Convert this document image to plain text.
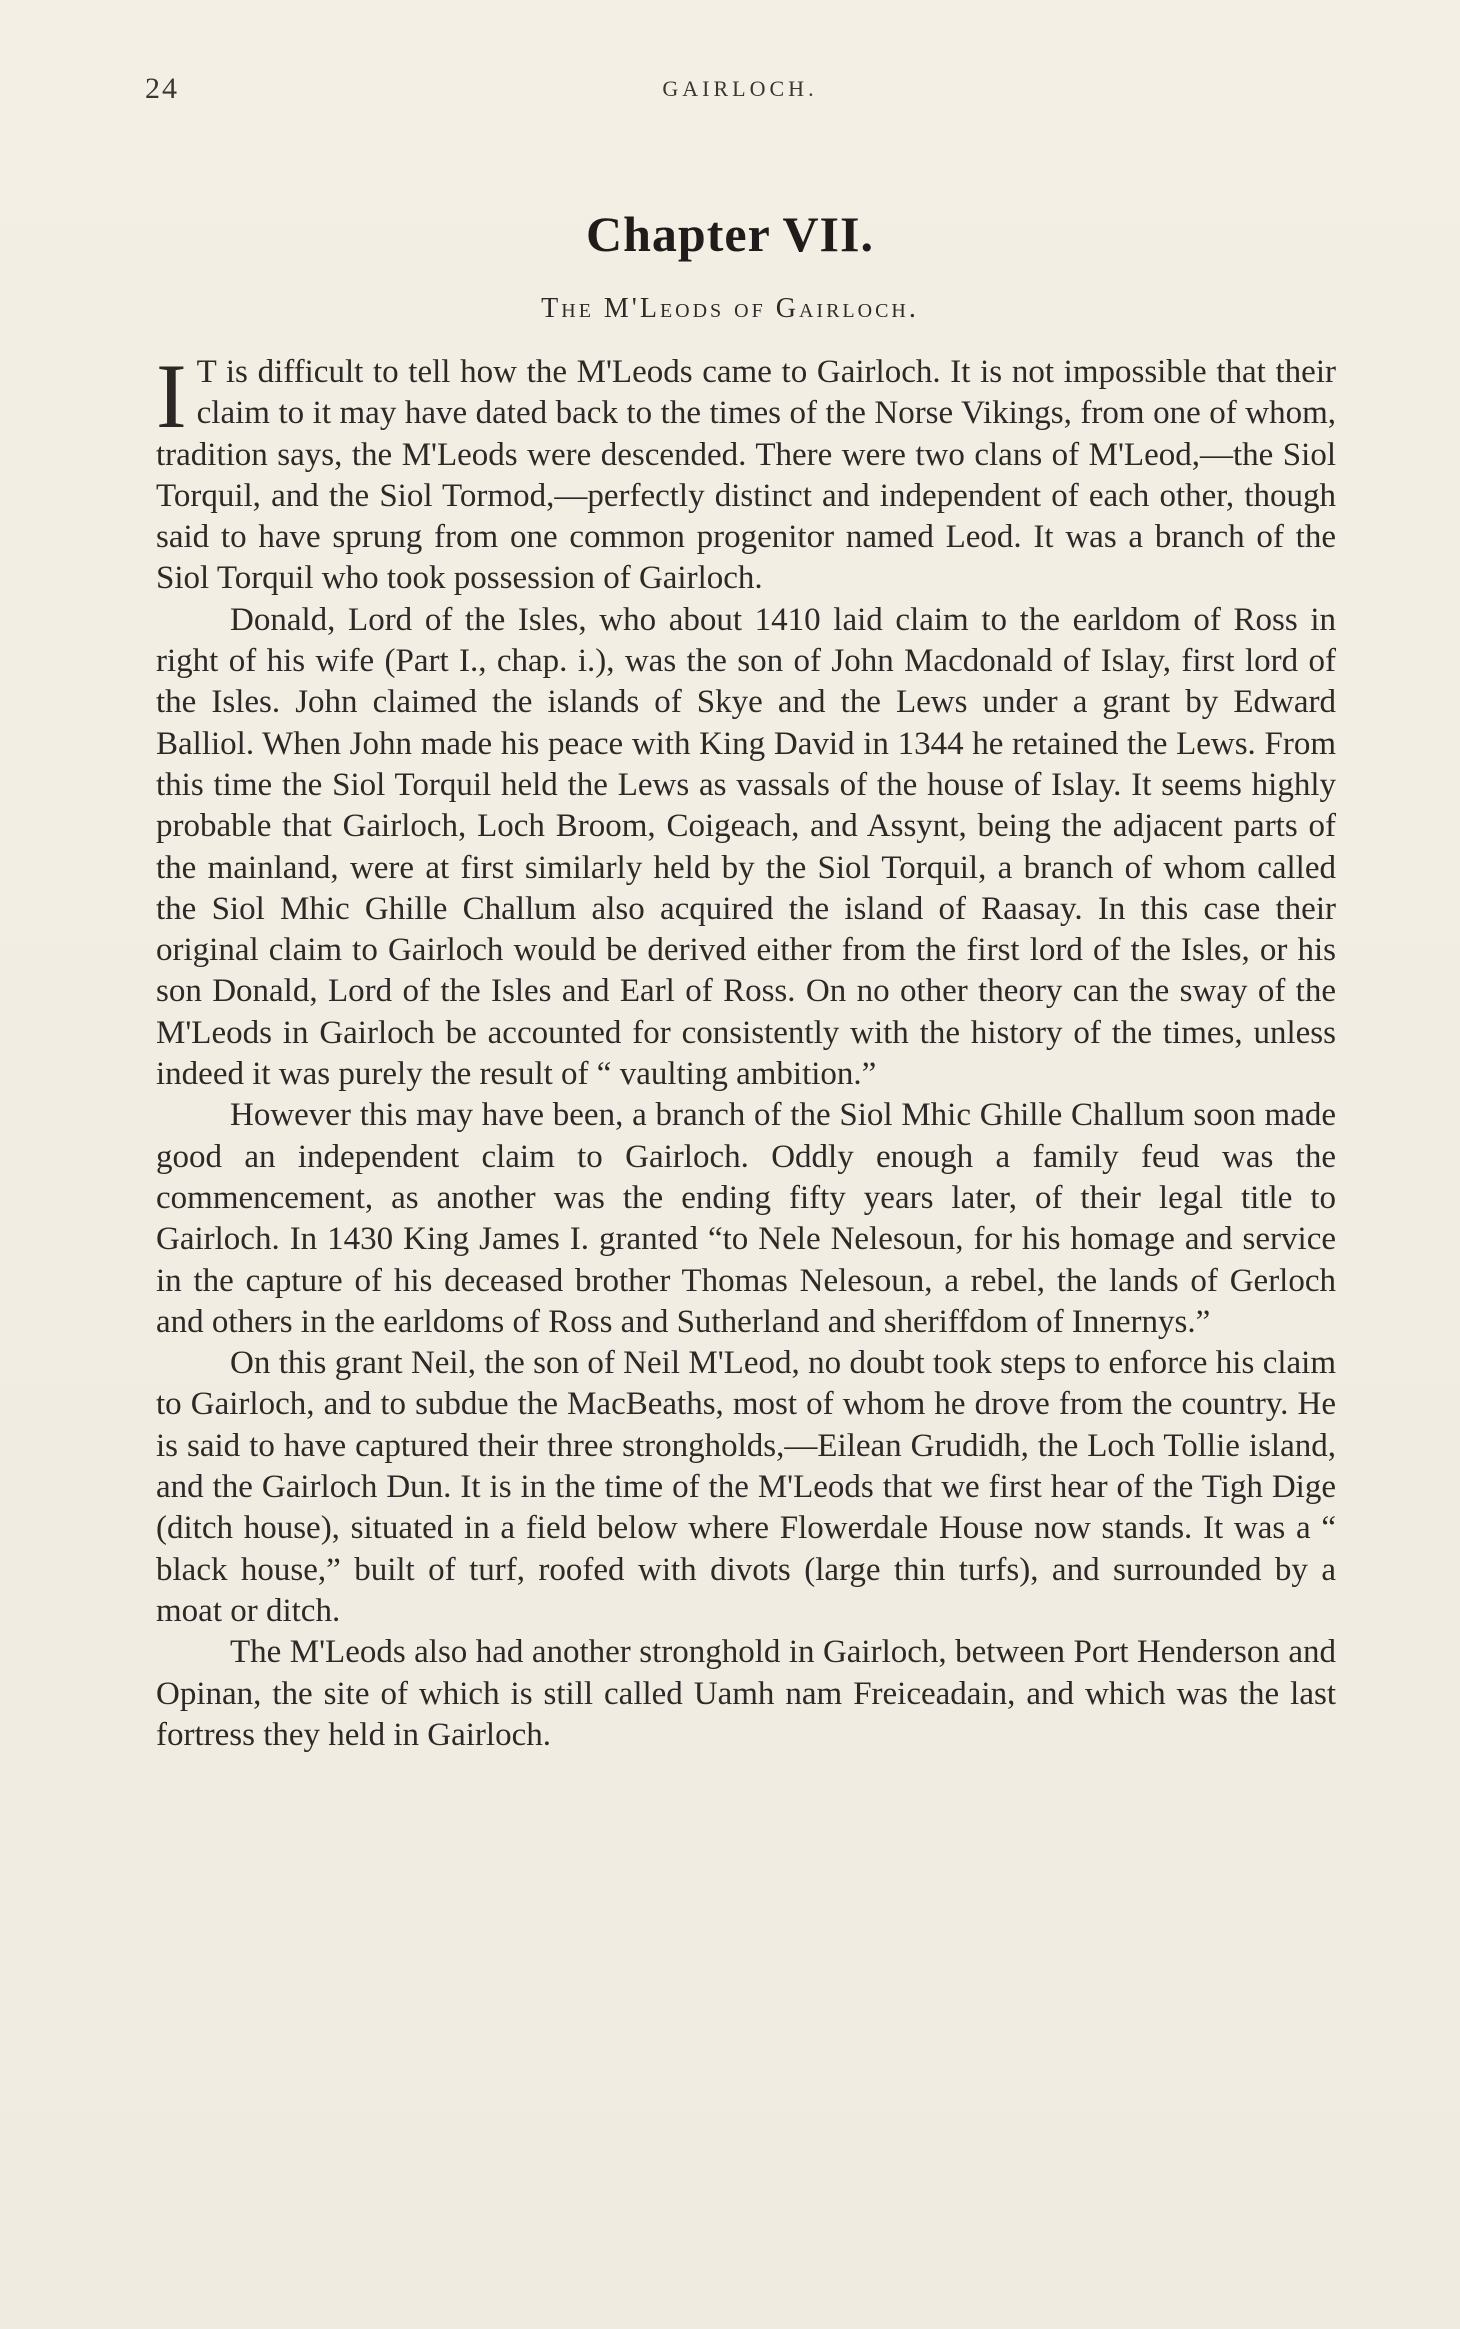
24	GAIRLOCH.
Chapter VII.
The M'Leods of Gairloch.

I T is difficult to tell how the M'Leods came to Gairloch. It is not impossible that their claim to it may have dated back to the times of the Norse Vikings, from one of whom, tradition says, the M'Leods were descended. There were two clans of M'Leod,—the Siol Torquil, and the Siol Tormod,—perfectly distinct and independent of each other, though said to have sprung from one common progenitor named Leod. It was a branch of the Siol Torquil who took possession of Gairloch.

Donald, Lord of the Isles, who about 1410 laid claim to the earldom of Ross in right of his wife (Part I., chap. i.), was the son of John Macdonald of Islay, first lord of the Isles. John claimed the islands of Skye and the Lews under a grant by Edward Balliol. When John made his peace with King David in 1344 he retained the Lews. From this time the Siol Torquil held the Lews as vassals of the house of Islay. It seems highly probable that Gairloch, Loch Broom, Coigeach, and Assynt, being the adjacent parts of the mainland, were at first similarly held by the Siol Torquil, a branch of whom called the Siol Mhic Ghille Challum also acquired the island of Raasay. In this case their original claim to Gairloch would be derived either from the first lord of the Isles, or his son Donald, Lord of the Isles and Earl of Ross. On no other theory can the sway of the M'Leods in Gairloch be accounted for consistently with the history of the times, unless indeed it was purely the result of “ vaulting ambition.”

However this may have been, a branch of the Siol Mhic Ghille Challum soon made good an independent claim to Gairloch. Oddly enough a family feud was the commencement, as another was the ending fifty years later, of their legal title to Gairloch. In 1430 King James I. granted “to Nele Nelesoun, for his homage and service in the capture of his deceased brother Thomas Nelesoun, a rebel, the lands of Gerloch and others in the earldoms of Ross and Sutherland and sheriffdom of Innernys.”

On this grant Neil, the son of Neil M'Leod, no doubt took steps to enforce his claim to Gairloch, and to subdue the MacBeaths, most of whom he drove from the country. He is said to have captured their three strongholds,—Eilean Grudidh, the Loch Tollie island, and the Gairloch Dun. It is in the time of the M'Leods that we first hear of the Tigh Dige (ditch house), situated in a field below where Flowerdale House now stands. It was a “ black house,” built of turf, roofed with divots (large thin turfs), and surrounded by a moat or ditch.

The M'Leods also had another stronghold in Gairloch, between Port Henderson and Opinan, the site of which is still called Uamh nam Freiceadain, and which was the last fortress they held in Gairloch.
